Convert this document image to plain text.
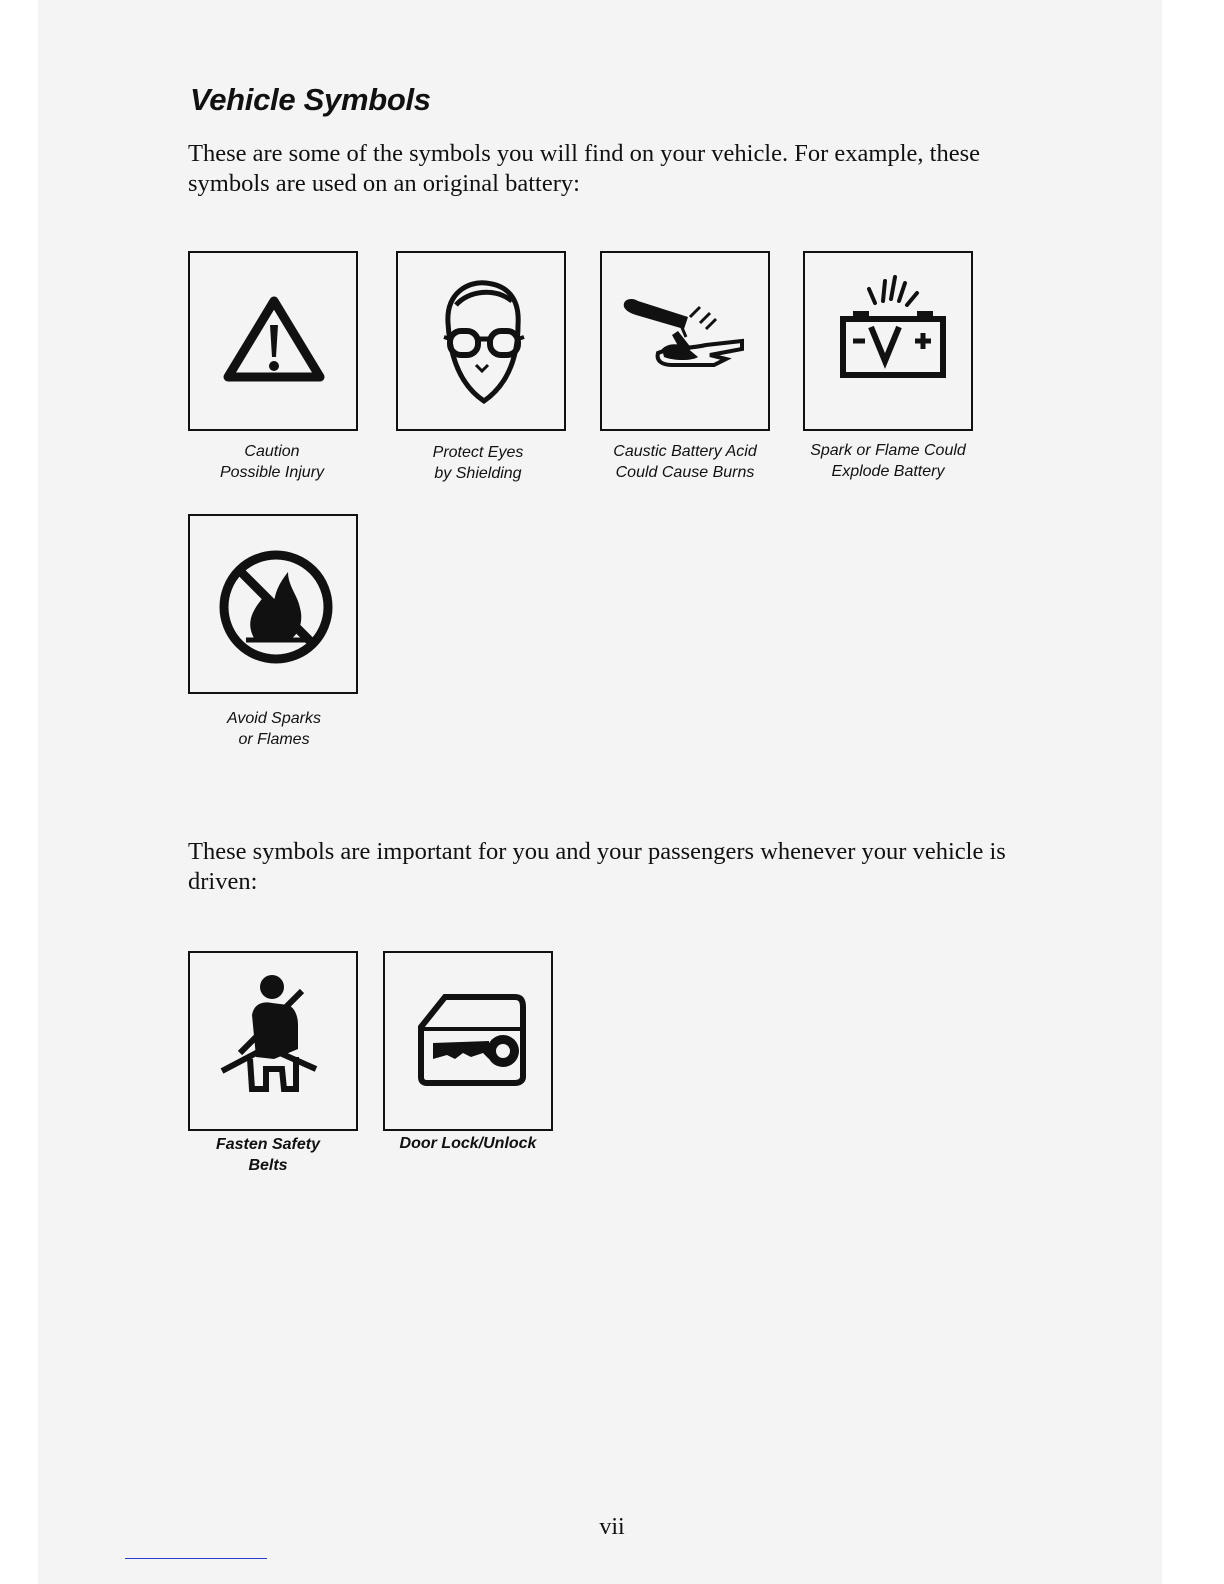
Vehicle Symbols
These are some of the symbols you will find on your vehicle. For example, these symbols are used on an original battery:
Caution
Possible Injury
Protect Eyes
by Shielding
Caustic Battery Acid
Could Cause Burns
Spark or Flame Could
Explode Battery
Avoid Sparks
or Flames
These symbols are important for you and your passengers whenever your vehicle is driven:
Fasten Safety
Belts
Door Lock/Unlock
vii
